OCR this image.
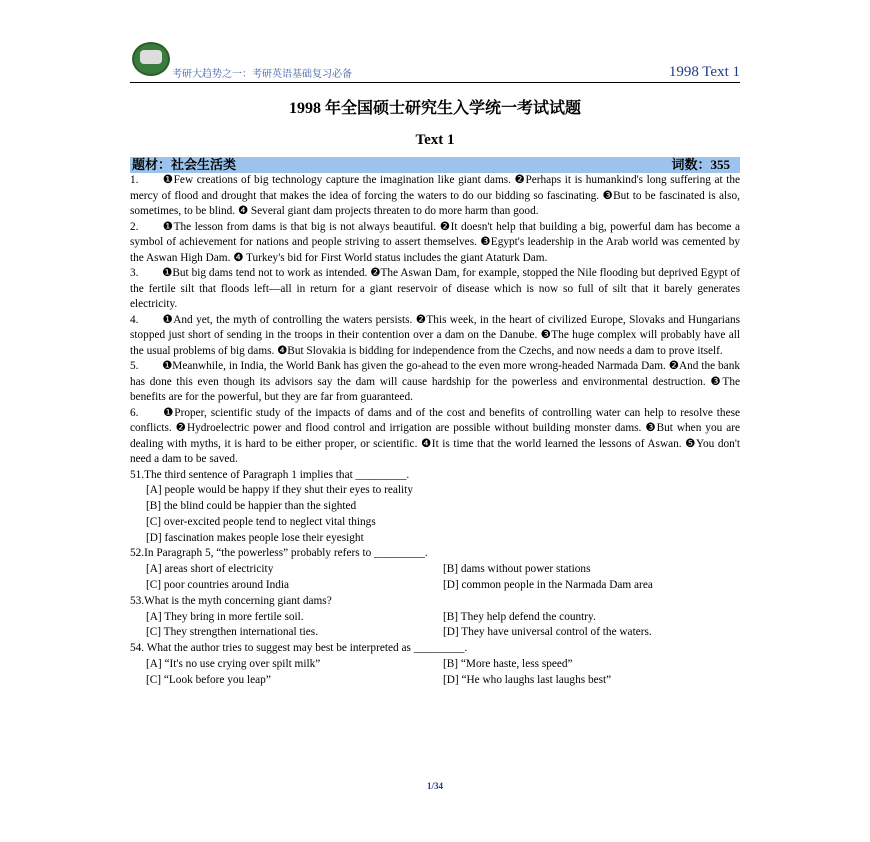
考研大趋势之一：考研英语基础复习必备	1998 Text 1
1998 年全国硕士研究生入学统一考试试题
Text 1
题材：社会生活类	词数：355
1. ❶Few creations of big technology capture the imagination like giant dams. ❷Perhaps it is humankind's long suffering at the mercy of flood and drought that makes the idea of forcing the waters to do our bidding so fascinating. ❸But to be fascinated is also, sometimes, to be blind. ❹ Several giant dam projects threaten to do more harm than good.
2. ❶The lesson from dams is that big is not always beautiful. ❷It doesn't help that building a big, powerful dam has become a symbol of achievement for nations and people striving to assert themselves. ❸Egypt's leadership in the Arab world was cemented by the Aswan High Dam. ❹ Turkey's bid for First World status includes the giant Ataturk Dam.
3. ❶But big dams tend not to work as intended. ❷The Aswan Dam, for example, stopped the Nile flooding but deprived Egypt of the fertile silt that floods left—all in return for a giant reservoir of disease which is now so full of silt that it barely generates electricity.
4. ❶And yet, the myth of controlling the waters persists. ❷This week, in the heart of civilized Europe, Slovaks and Hungarians stopped just short of sending in the troops in their contention over a dam on the Danube. ❸The huge complex will probably have all the usual problems of big dams. ❹But Slovakia is bidding for independence from the Czechs, and now needs a dam to prove itself.
5. ❶Meanwhile, in India, the World Bank has given the go-ahead to the even more wrong-headed Narmada Dam. ❷And the bank has done this even though its advisors say the dam will cause hardship for the powerless and environmental destruction. ❸The benefits are for the powerful, but they are far from guaranteed.
6. ❶Proper, scientific study of the impacts of dams and of the cost and benefits of controlling water can help to resolve these conflicts. ❷Hydroelectric power and flood control and irrigation are possible without building monster dams. ❸But when you are dealing with myths, it is hard to be either proper, or scientific. ❹It is time that the world learned the lessons of Aswan. ❺You don't need a dam to be saved.
51.The third sentence of Paragraph 1 implies that _________.
[A] people would be happy if they shut their eyes to reality
[B] the blind could be happier than the sighted
[C] over-excited people tend to neglect vital things
[D] fascination makes people lose their eyesight
52.In Paragraph 5, “the powerless” probably refers to _________.
[A] areas short of electricity	[B] dams without power stations
[C] poor countries around India	[D] common people in the Narmada Dam area
53.What is the myth concerning giant dams?
[A] They bring in more fertile soil.	[B] They help defend the country.
[C] They strengthen international ties.	[D] They have universal control of the waters.
54. What the author tries to suggest may best be interpreted as _________.
[A] “It's no use crying over spilt milk”	[B] “More haste, less speed”
[C] “Look before you leap”	[D] “He who laughs last laughs best”
1/34
